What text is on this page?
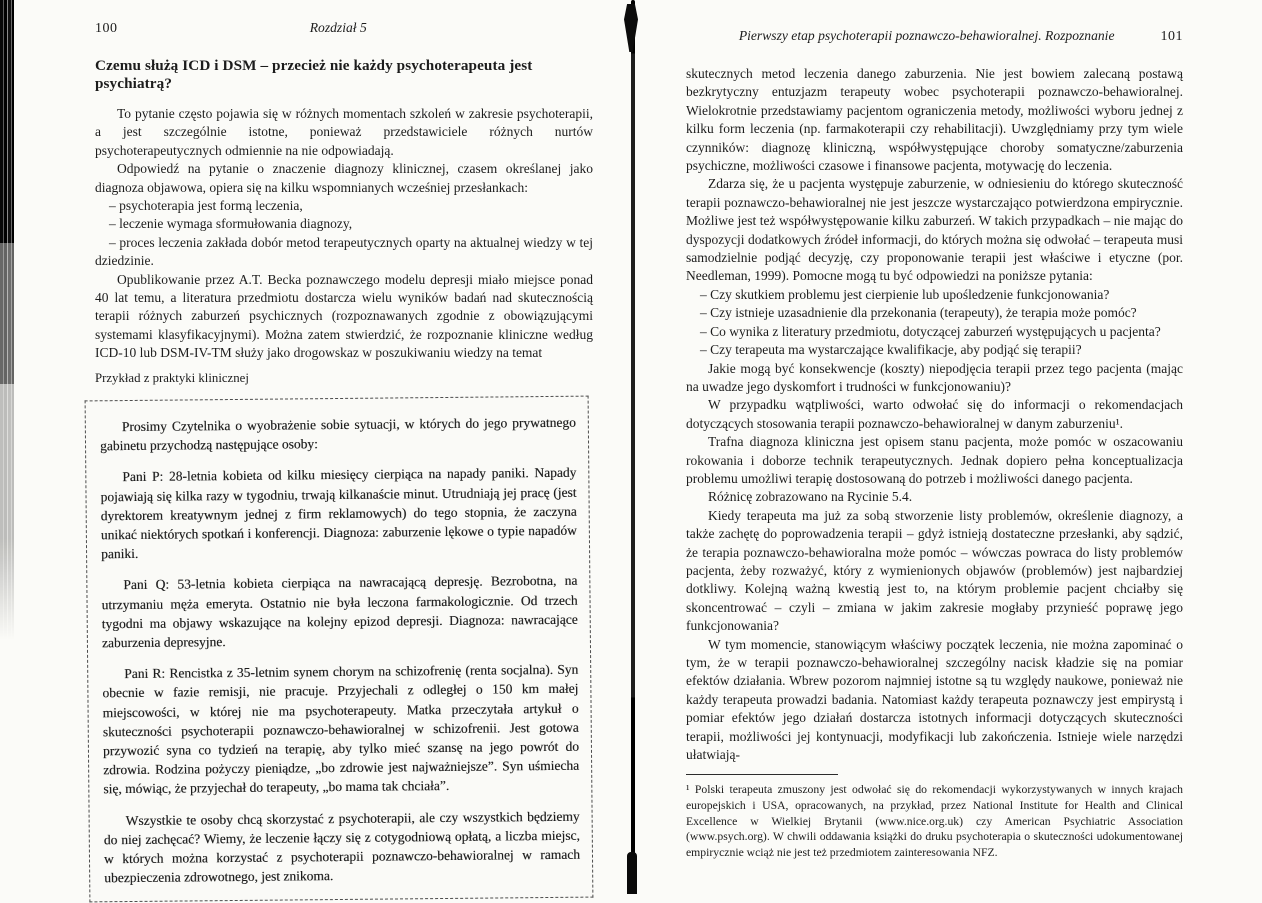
100	Rozdział 5
Czemu służą ICD i DSM – przecież nie każdy psychoterapeuta jest psychiatrą?

To pytanie często pojawia się w różnych momentach szkoleń w zakresie psychoterapii, a jest szczególnie istotne, ponieważ przedstawiciele różnych nurtów psychoterapeutycznych odmiennie na nie odpowiadają.

Odpowiedź na pytanie o znaczenie diagnozy klinicznej, czasem określanej jako diagnoza objawowa, opiera się na kilku wspomnianych wcześniej przesłankach:

– psychoterapia jest formą leczenia,

– leczenie wymaga sformułowania diagnozy,

– proces leczenia zakłada dobór metod terapeutycznych oparty na aktualnej wiedzy w tej dziedzinie.

Opublikowanie przez A.T. Becka poznawczego modelu depresji miało miejsce ponad 40 lat temu, a literatura przedmiotu dostarcza wielu wyników badań nad skutecznością terapii różnych zaburzeń psychicznych (rozpoznawanych zgodnie z obowiązującymi systemami klasyfikacyjnymi). Można zatem stwierdzić, że rozpoznanie kliniczne według ICD-10 lub DSM-IV-TM służy jako drogowskaz w poszukiwaniu wiedzy na temat

Przykład z praktyki klinicznej

Prosimy Czytelnika o wyobrażenie sobie sytuacji, w których do jego prywatnego gabinetu przychodzą następujące osoby:

Pani P: 28-letnia kobieta od kilku miesięcy cierpiąca na napady paniki. Napady pojawiają się kilka razy w tygodniu, trwają kilkanaście minut. Utrudniają jej pracę (jest dyrektorem kreatywnym jednej z firm reklamowych) do tego stopnia, że zaczyna unikać niektórych spotkań i konferencji. Diagnoza: zaburzenie lękowe o typie napadów paniki.

Pani Q: 53-letnia kobieta cierpiąca na nawracającą depresję. Bezrobotna, na utrzymaniu męża emeryta. Ostatnio nie była leczona farmakologicznie. Od trzech tygodni ma objawy wskazujące na kolejny epizod depresji. Diagnoza: nawracające zaburzenia depresyjne.

Pani R: Rencistka z 35-letnim synem chorym na schizofrenię (renta socjalna). Syn obecnie w fazie remisji, nie pracuje. Przyjechali z odległej o 150 km małej miejscowości, w której nie ma psychoterapeuty. Matka przeczytała artykuł o skuteczności psychoterapii poznawczo-behawioralnej w schizofrenii. Jest gotowa przywozić syna co tydzień na terapię, aby tylko mieć szansę na jego powrót do zdrowia. Rodzina pożyczy pieniądze, „bo zdrowie jest najważniejsze”. Syn uśmiecha się, mówiąc, że przyjechał do terapeuty, „bo mama tak chciała”.

Wszystkie te osoby chcą skorzystać z psychoterapii, ale czy wszystkich będziemy do niej zachęcać? Wiemy, że leczenie łączy się z cotygodniową opłatą, a liczba miejsc, w których można korzystać z psychoterapii poznawczo-behawioralnej w ramach ubezpieczenia zdrowotnego, jest znikoma.

Pierwszy etap psychoterapii poznawczo-behawioralnej. Rozpoznanie	101

skutecznych metod leczenia danego zaburzenia. Nie jest bowiem zalecaną postawą bezkrytyczny entuzjazm terapeuty wobec psychoterapii poznawczo-behawioralnej. Wielokrotnie przedstawiamy pacjentom ograniczenia metody, możliwości wyboru jednej z kilku form leczenia (np. farmakoterapii czy rehabilitacji). Uwzględniamy przy tym wiele czynników: diagnozę kliniczną, współwystępujące choroby somatyczne/zaburzenia psychiczne, możliwości czasowe i finansowe pacjenta, motywację do leczenia.

Zdarza się, że u pacjenta występuje zaburzenie, w odniesieniu do którego skuteczność terapii poznawczo-behawioralnej nie jest jeszcze wystarczająco potwierdzona empirycznie. Możliwe jest też współwystępowanie kilku zaburzeń. W takich przypadkach – nie mając do dyspozycji dodatkowych źródeł informacji, do których można się odwołać – terapeuta musi samodzielnie podjąć decyzję, czy proponowanie terapii jest właściwe i etyczne (por. Needleman, 1999). Pomocne mogą tu być odpowiedzi na poniższe pytania:

– Czy skutkiem problemu jest cierpienie lub upośledzenie funkcjonowania?

– Czy istnieje uzasadnienie dla przekonania (terapeuty), że terapia może pomóc?

– Co wynika z literatury przedmiotu, dotyczącej zaburzeń występujących u pacjenta?

– Czy terapeuta ma wystarczające kwalifikacje, aby podjąć się terapii?

Jakie mogą być konsekwencje (koszty) niepodjęcia terapii przez tego pacjenta (mając na uwadze jego dyskomfort i trudności w funkcjonowaniu)?

W przypadku wątpliwości, warto odwołać się do informacji o rekomendacjach dotyczących stosowania terapii poznawczo-behawioralnej w danym zaburzeniu¹.

Trafna diagnoza kliniczna jest opisem stanu pacjenta, może pomóc w oszacowaniu rokowania i doborze technik terapeutycznych. Jednak dopiero pełna konceptualizacja problemu umożliwi terapię dostosowaną do potrzeb i możliwości danego pacjenta.

Różnicę zobrazowano na Rycinie 5.4.

Kiedy terapeuta ma już za sobą stworzenie listy problemów, określenie diagnozy, a także zachętę do poprowadzenia terapii – gdyż istnieją dostateczne przesłanki, aby sądzić, że terapia poznawczo-behawioralna może pomóc – wówczas powraca do listy problemów pacjenta, żeby rozważyć, który z wymienionych objawów (problemów) jest najbardziej dotkliwy. Kolejną ważną kwestią jest to, na którym problemie pacjent chciałby się skoncentrować – czyli – zmiana w jakim zakresie mogłaby przynieść poprawę jego funkcjonowania?

W tym momencie, stanowiącym właściwy początek leczenia, nie można zapominać o tym, że w terapii poznawczo-behawioralnej szczególny nacisk kładzie się na pomiar efektów działania. Wbrew pozorom najmniej istotne są tu względy naukowe, ponieważ nie każdy terapeuta prowadzi badania. Natomiast każdy terapeuta poznawczy jest empirystą i pomiar efektów jego działań dostarcza istotnych informacji dotyczących skuteczności terapii, możliwości jej kontynuacji, modyfikacji lub zakończenia. Istnieje wiele narzędzi ułatwiają-

¹ Polski terapeuta zmuszony jest odwołać się do rekomendacji wykorzystywanych w innych krajach europejskich i USA, opracowanych, na przykład, przez National Institute for Health and Clinical Excellence w Wielkiej Brytanii (www.nice.org.uk) czy American Psychiatric Association (www.psych.org). W chwili oddawania książki do druku psychoterapia o skuteczności udokumentowanej empirycznie wciąż nie jest też przedmiotem zainteresowania NFZ.
